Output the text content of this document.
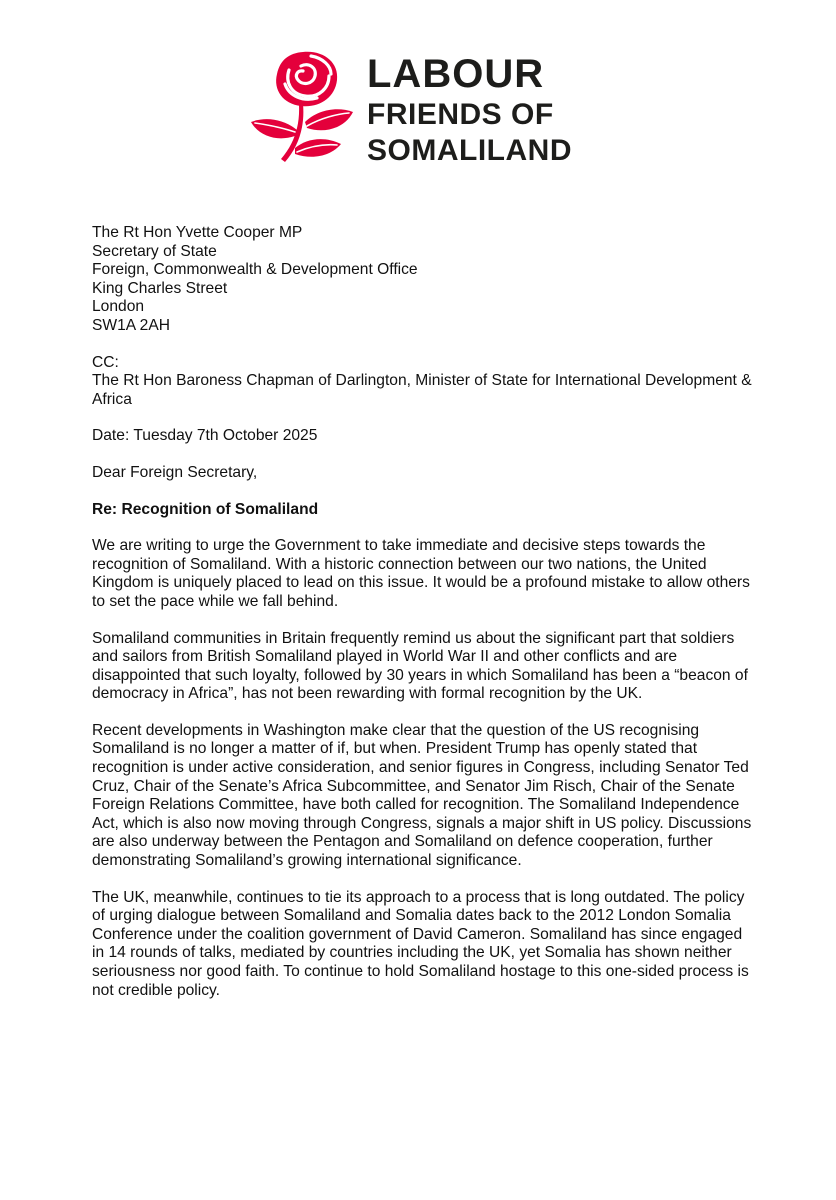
LABOUR
FRIENDS OF
SOMALILAND
The Rt Hon Yvette Cooper MP
Secretary of State
Foreign, Commonwealth & Development Office
King Charles Street
London
SW1A 2AH
CC:
The Rt Hon Baroness Chapman of Darlington, Minister of State for International Development & Africa

Date: Tuesday 7th October 2025

Dear Foreign Secretary,

Re: Recognition of Somaliland

We are writing to urge the Government to take immediate and decisive steps towards the recognition of Somaliland. With a historic connection between our two nations, the United Kingdom is uniquely placed to lead on this issue. It would be a profound mistake to allow others to set the pace while we fall behind.

Somaliland communities in Britain frequently remind us about the significant part that soldiers and sailors from British Somaliland played in World War II and other conflicts and are disappointed that such loyalty, followed by 30 years in which Somaliland has been a “beacon of democracy in Africa”, has not been rewarding with formal recognition by the UK.

Recent developments in Washington make clear that the question of the US recognising Somaliland is no longer a matter of if, but when. President Trump has openly stated that recognition is under active consideration, and senior figures in Congress, including Senator Ted Cruz, Chair of the Senate’s Africa Subcommittee, and Senator Jim Risch, Chair of the Senate Foreign Relations Committee, have both called for recognition. The Somaliland Independence Act, which is also now moving through Congress, signals a major shift in US policy. Discussions are also underway between the Pentagon and Somaliland on defence cooperation, further demonstrating Somaliland’s growing international significance.

The UK, meanwhile, continues to tie its approach to a process that is long outdated. The policy of urging dialogue between Somaliland and Somalia dates back to the 2012 London Somalia Conference under the coalition government of David Cameron. Somaliland has since engaged in 14 rounds of talks, mediated by countries including the UK, yet Somalia has shown neither seriousness nor good faith. To continue to hold Somaliland hostage to this one-sided process is not credible policy.
